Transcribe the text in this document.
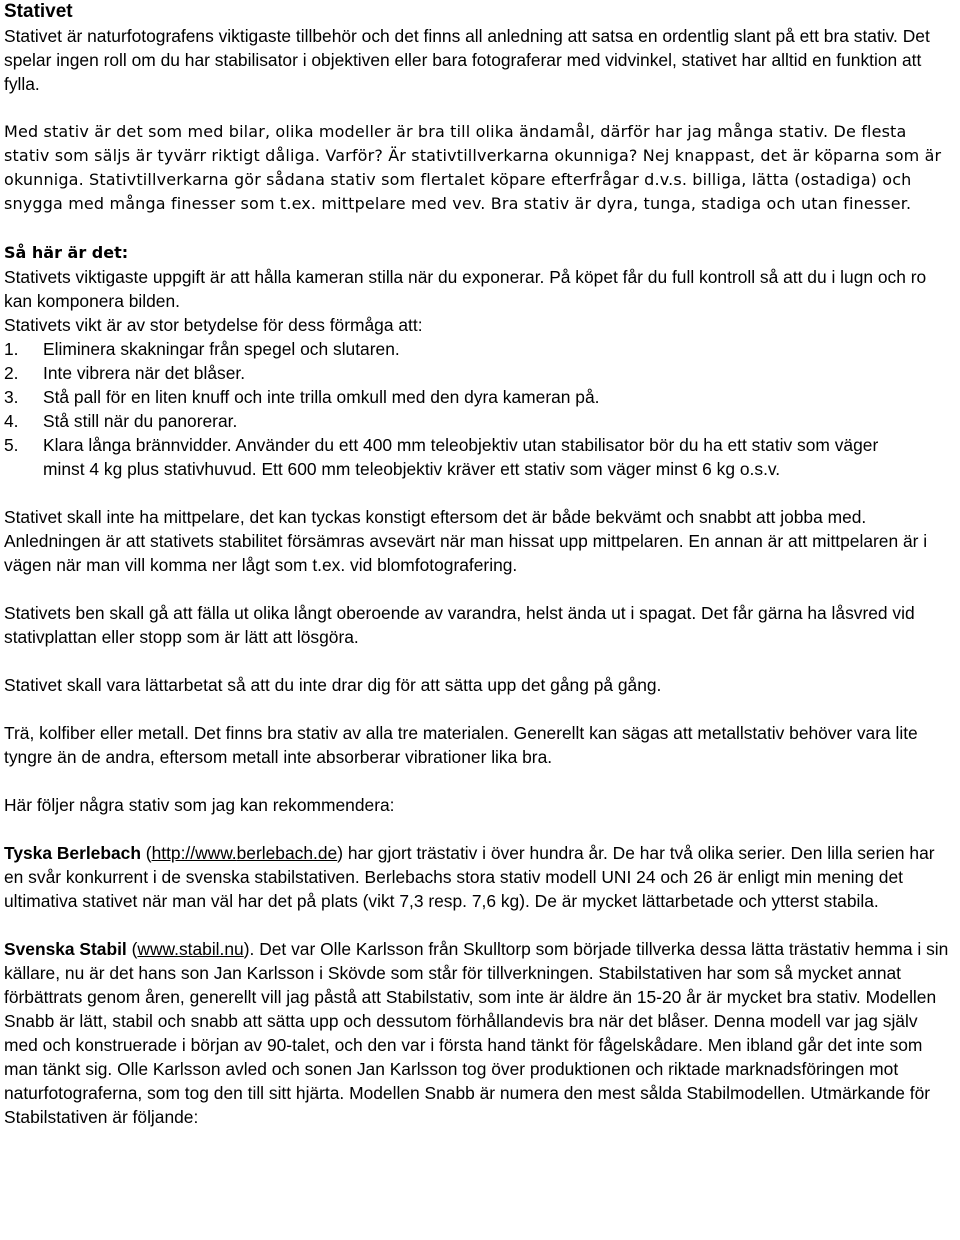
Stativet

Stativet är naturfotografens viktigaste tillbehör och det finns all anledning att satsa en ordentlig slant på ett bra stativ. Det spelar ingen roll om du har stabilisator i objektiven eller bara fotograferar med vidvinkel, stativet har alltid en funktion att fylla.

Med stativ är det som med bilar, olika modeller är bra till olika ändamål, därför har jag många stativ. De flesta stativ som säljs är tyvärr riktigt dåliga. Varför? Är stativtillverkarna okunniga? Nej knappast, det är köparna som är okunniga. Stativtillverkarna gör sådana stativ som flertalet köpare efterfrågar d.v.s. billiga, lätta (ostadiga) och snygga med många finesser som t.ex. mittpelare med vev. Bra stativ är dyra, tunga, stadiga och utan finesser.

Så här är det:

Stativets viktigaste uppgift är att hålla kameran stilla när du exponerar. På köpet får du full kontroll så att du i lugn och ro kan komponera bilden.

Stativets vikt är av stor betydelse för dess förmåga att:

1. Eliminera skakningar från spegel och slutaren.

2. Inte vibrera när det blåser.

3. Stå pall för en liten knuff och inte trilla omkull med den dyra kameran på.

4. Stå still när du panorerar.

5. Klara långa brännvidder. Använder du ett 400 mm teleobjektiv utan stabilisator bör du ha ett stativ som väger

minst 4 kg plus stativhuvud. Ett 600 mm teleobjektiv kräver ett stativ som väger minst 6 kg o.s.v.

Stativet skall inte ha mittpelare, det kan tyckas konstigt eftersom det är både bekvämt och snabbt att jobba med. Anledningen är att stativets stabilitet försämras avsevärt när man hissat upp mittpelaren. En annan är att mittpelaren är i vägen när man vill komma ner lågt som t.ex. vid blomfotografering.

Stativets ben skall gå att fälla ut olika långt oberoende av varandra, helst ända ut i spagat. Det får gärna ha låsvred vid stativplattan eller stopp som är lätt att lösgöra.

Stativet skall vara lättarbetat så att du inte drar dig för att sätta upp det gång på gång.

Trä, kolfiber eller metall. Det finns bra stativ av alla tre materialen. Generellt kan sägas att metallstativ behöver vara lite tyngre än de andra, eftersom metall inte absorberar vibrationer lika bra.

Här följer några stativ som jag kan rekommendera:

Tyska Berlebach (http://www.berlebach.de) har gjort trästativ i över hundra år. De har två olika serier. Den lilla serien har en svår konkurrent i de svenska stabilstativen. Berlebachs stora stativ modell UNI 24 och 26 är enligt min mening det ultimativa stativet när man väl har det på plats (vikt 7,3 resp. 7,6 kg). De är mycket lättarbetade och ytterst stabila.

Svenska Stabil (www.stabil.nu). Det var Olle Karlsson från Skulltorp som började tillverka dessa lätta trästativ hemma i sin källare, nu är det hans son Jan Karlsson i Skövde som står för tillverkningen. Stabilstativen har som så mycket annat förbättrats genom åren, generellt vill jag påstå att Stabilstativ, som inte är äldre än 15-20 år är mycket bra stativ. Modellen Snabb är lätt, stabil och snabb att sätta upp och dessutom förhållandevis bra när det blåser. Denna modell var jag själv med och konstruerade i början av 90-talet, och den var i första hand tänkt för fågelskådare. Men ibland går det inte som man tänkt sig. Olle Karlsson avled och sonen Jan Karlsson tog över produktionen och riktade marknadsföringen mot naturfotograferna, som tog den till sitt hjärta. Modellen Snabb är numera den mest sålda Stabilmodellen. Utmärkande för Stabilstativen är följande:
